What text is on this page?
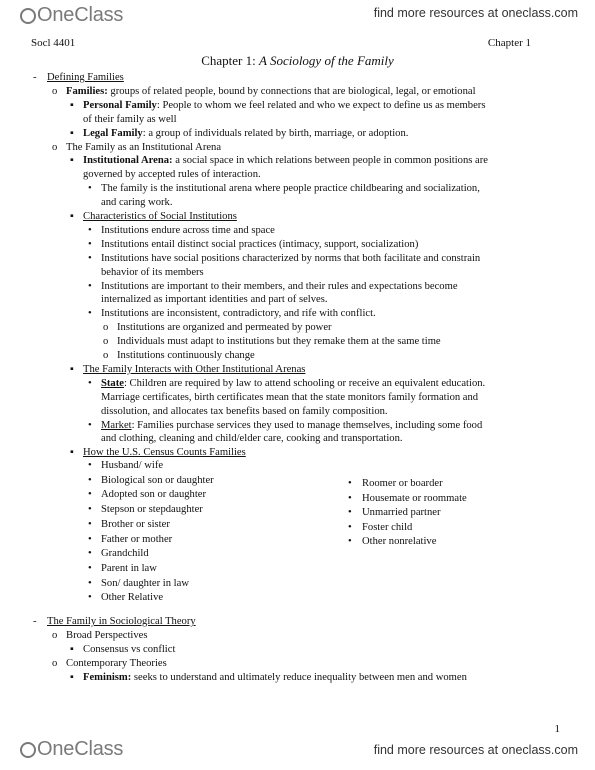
OneClass	find more resources at oneclass.com
Socl 4401	Chapter 1
Chapter 1: A Sociology of the Family
- Defining Families
o Families: groups of related people, bound by connections that are biological, legal, or emotional
▪ Personal Family: People to whom we feel related and who we expect to define us as members
of their family as well
▪ Legal Family: a group of individuals related by birth, marriage, or adoption.
o The Family as an Institutional Arena
▪ Institutional Arena: a social space in which relations between people in common positions are
governed by accepted rules of interaction.
• The family is the institutional arena where people practice childbearing and socialization,
and caring work.
▪ Characteristics of Social Institutions
• Institutions endure across time and space
• Institutions entail distinct social practices (intimacy, support, socialization)
• Institutions have social positions characterized by norms that both facilitate and constrain
behavior of its members
• Institutions are important to their members, and their rules and expectations become
internalized as important identities and part of selves.
• Institutions are inconsistent, contradictory, and rife with conflict.
o Institutions are organized and permeated by power
o Individuals must adapt to institutions but they remake them at the same time
o Institutions continuously change
▪ The Family Interacts with Other Institutional Arenas
• State: Children are required by law to attend schooling or receive an equivalent education.
Marriage certificates, birth certificates mean that the state monitors family formation and
dissolution, and allocates tax benefits based on family composition.
• Market: Families purchase services they used to manage themselves, including some food
and clothing, cleaning and child/elder care, cooking and transportation.
▪ How the U.S. Census Counts Families
• Husband/ wife
• Biological son or daughter
• Adopted son or daughter
• Stepson or stepdaughter
• Brother or sister
• Father or mother
• Grandchild
• Parent in law
• Son/ daughter in law
• Other Relative
• Roomer or boarder
• Housemate or roommate
• Unmarried partner
• Foster child
• Other nonrelative
- The Family in Sociological Theory
o Broad Perspectives
▪ Consensus vs conflict
o Contemporary Theories
▪ Feminism: seeks to understand and ultimately reduce inequality between men and women
1
OneClass	find more resources at oneclass.com
